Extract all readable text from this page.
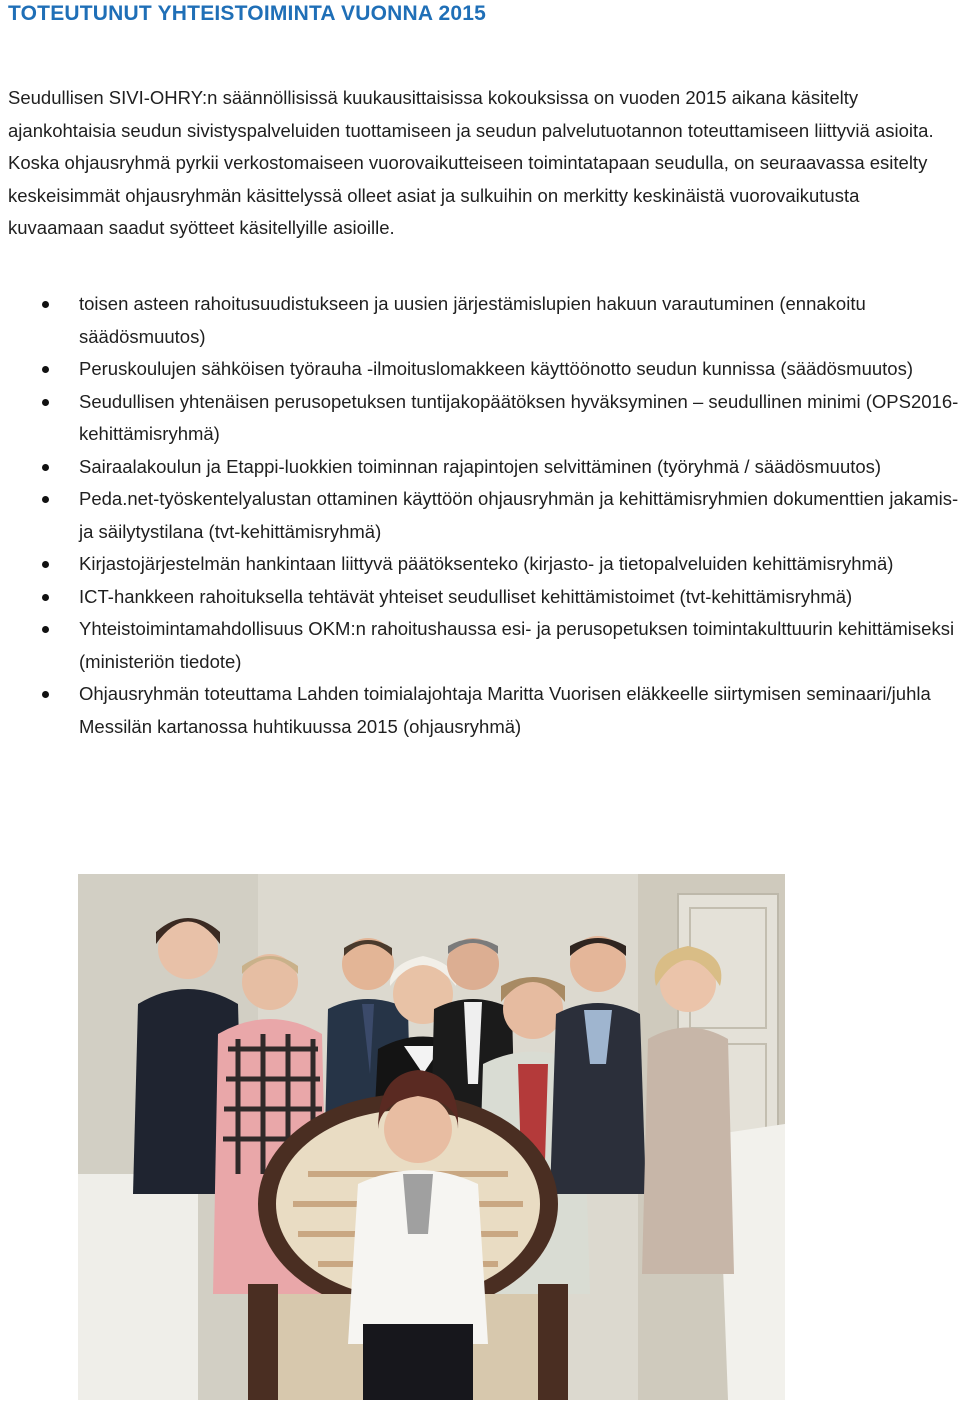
TOTEUTUNUT YHTEISTOIMINTA VUONNA 2015

Seudullisen SIVI-OHRY:n säännöllisissä kuukausittaisissa kokouksissa on vuoden 2015 aikana käsitelty ajankohtaisia seudun sivistyspalveluiden tuottamiseen ja seudun palvelutuotannon toteuttamiseen liittyviä asioita. Koska ohjausryhmä pyrkii verkostomaiseen vuorovaikutteiseen toimintatapaan seudulla, on seuraavassa esitelty keskeisimmät ohjausryhmän käsittelyssä olleet asiat ja sulkuihin on merkitty keskinäistä vuorovaikutusta kuvaamaan saadut syötteet käsitellyille asioille.

toisen asteen rahoitusuudistukseen ja uusien järjestämislupien hakuun varautuminen (ennakoitu säädösmuutos)
Peruskoulujen sähköisen työrauha -ilmoituslomakkeen käyttöönotto seudun kunnissa (säädösmuutos)
Seudullisen yhtenäisen perusopetuksen tuntijakopäätöksen hyväksyminen – seudullinen minimi (OPS2016-kehittämisryhmä)
Sairaalakoulun ja Etappi-luokkien toiminnan rajapintojen selvittäminen (työryhmä / säädösmuutos)
Peda.net-työskentelyalustan ottaminen käyttöön ohjausryhmän ja kehittämisryhmien dokumenttien jakamis- ja säilytystilana (tvt-kehittämisryhmä)
Kirjastojärjestelmän hankintaan liittyvä päätöksenteko (kirjasto- ja tietopalveluiden kehittämisryhmä)
ICT-hankkeen rahoituksella tehtävät yhteiset seudulliset kehittämistoimet (tvt-kehittämisryhmä)
Yhteistoimintamahdollisuus OKM:n rahoitushaussa esi- ja perusopetuksen toimintakulttuurin kehittämiseksi (ministeriön tiedote)
Ohjausryhmän toteuttama Lahden toimialajohtaja Maritta Vuorisen eläkkeelle siirtymisen seminaari/juhla Messilän kartanossa huhtikuussa 2015 (ohjausryhmä)
